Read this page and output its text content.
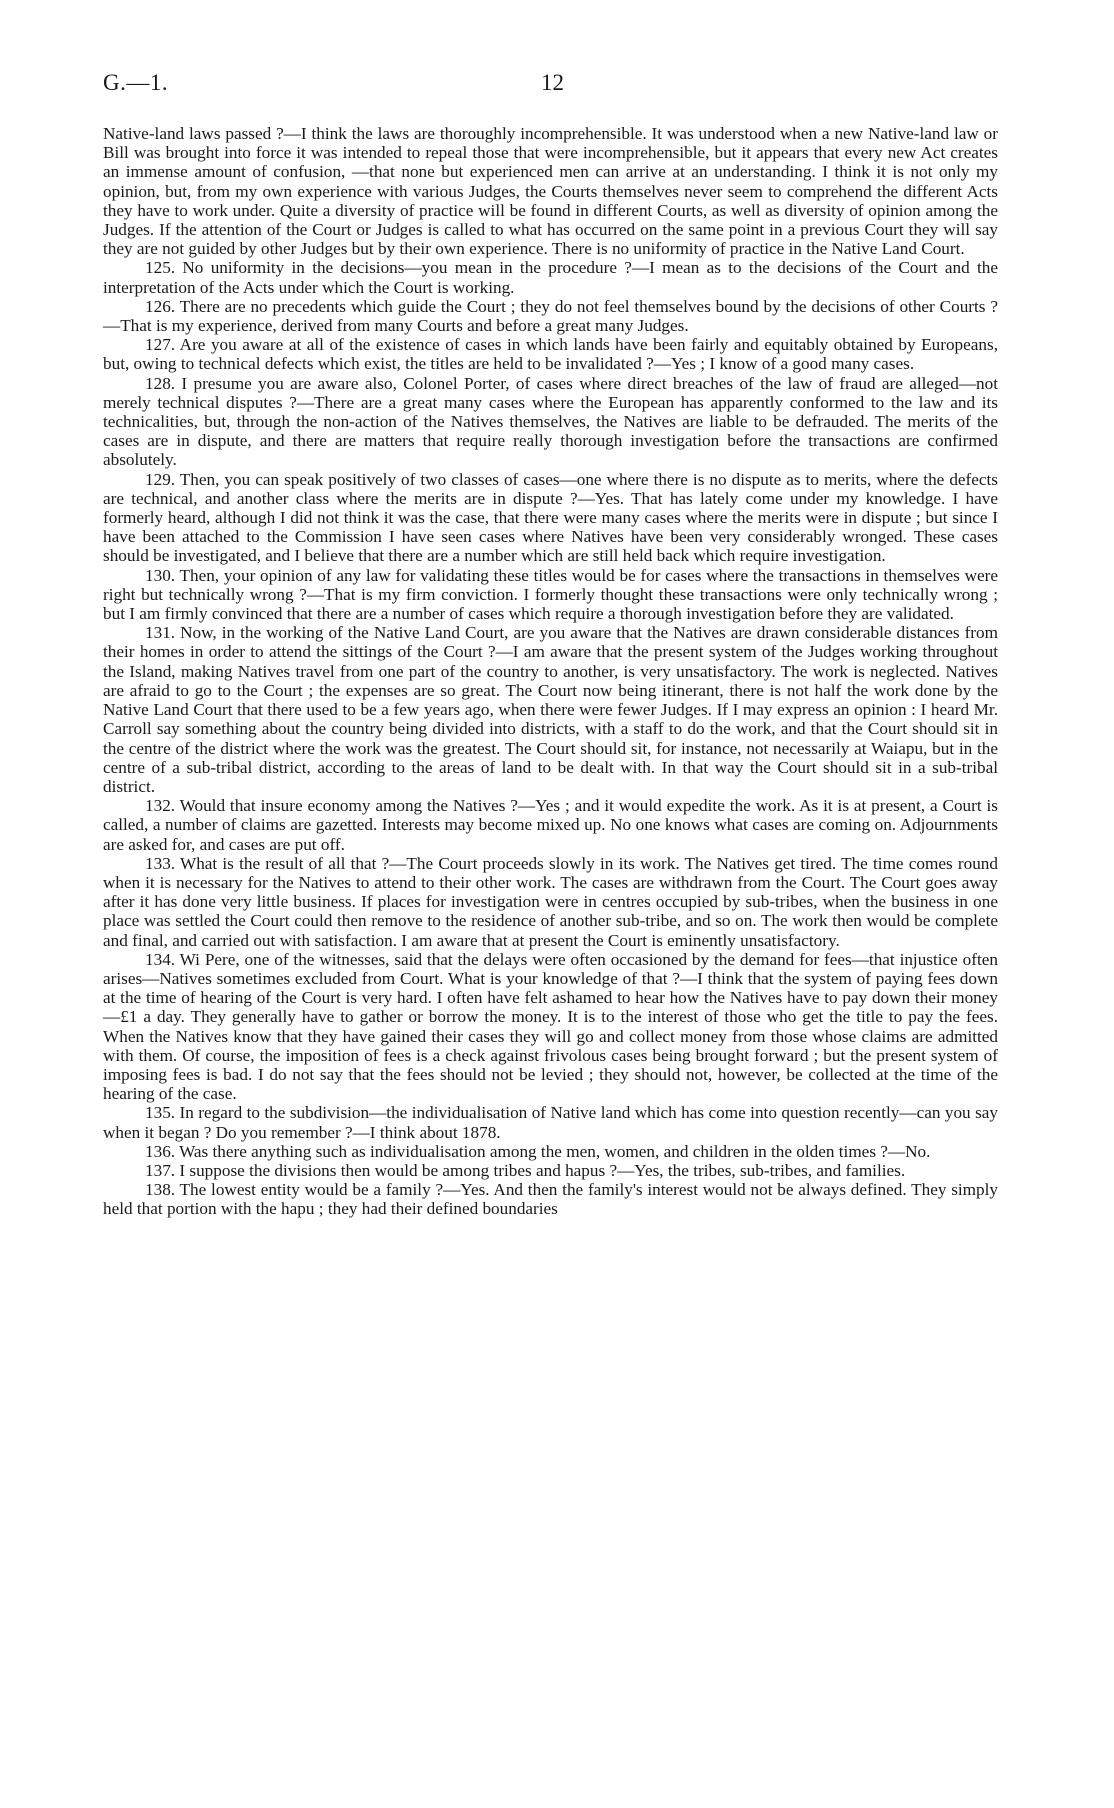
G.—1.	12

Native-land laws passed ?—I think the laws are thoroughly incomprehensible. It was understood when a new Native-land law or Bill was brought into force it was intended to repeal those that were incomprehensible, but it appears that every new Act creates an immense amount of confusion, —that none but experienced men can arrive at an understanding. I think it is not only my opinion, but, from my own experience with various Judges, the Courts themselves never seem to comprehend the different Acts they have to work under. Quite a diversity of practice will be found in different Courts, as well as diversity of opinion among the Judges. If the attention of the Court or Judges is called to what has occurred on the same point in a previous Court they will say they are not guided by other Judges but by their own experience. There is no uniformity of practice in the Native Land Court.

125. No uniformity in the decisions—you mean in the procedure ?—I mean as to the decisions of the Court and the interpretation of the Acts under which the Court is working.

126. There are no precedents which guide the Court ; they do not feel themselves bound by the decisions of other Courts ?—That is my experience, derived from many Courts and before a great many Judges.

127. Are you aware at all of the existence of cases in which lands have been fairly and equitably obtained by Europeans, but, owing to technical defects which exist, the titles are held to be invalidated ?—Yes ; I know of a good many cases.

128. I presume you are aware also, Colonel Porter, of cases where direct breaches of the law of fraud are alleged—not merely technical disputes ?—There are a great many cases where the European has apparently conformed to the law and its technicalities, but, through the non-action of the Natives themselves, the Natives are liable to be defrauded. The merits of the cases are in dispute, and there are matters that require really thorough investigation before the transactions are confirmed absolutely.

129. Then, you can speak positively of two classes of cases—one where there is no dispute as to merits, where the defects are technical, and another class where the merits are in dispute ?—Yes. That has lately come under my knowledge. I have formerly heard, although I did not think it was the case, that there were many cases where the merits were in dispute ; but since I have been attached to the Commission I have seen cases where Natives have been very considerably wronged. These cases should be investigated, and I believe that there are a number which are still held back which require investigation.

130. Then, your opinion of any law for validating these titles would be for cases where the transactions in themselves were right but technically wrong ?—That is my firm conviction. I formerly thought these transactions were only technically wrong ; but I am firmly convinced that there are a number of cases which require a thorough investigation before they are validated.

131. Now, in the working of the Native Land Court, are you aware that the Natives are drawn considerable distances from their homes in order to attend the sittings of the Court ?—I am aware that the present system of the Judges working throughout the Island, making Natives travel from one part of the country to another, is very unsatisfactory. The work is neglected. Natives are afraid to go to the Court ; the expenses are so great. The Court now being itinerant, there is not half the work done by the Native Land Court that there used to be a few years ago, when there were fewer Judges. If I may express an opinion : I heard Mr. Carroll say something about the country being divided into districts, with a staff to do the work, and that the Court should sit in the centre of the district where the work was the greatest. The Court should sit, for instance, not necessarily at Waiapu, but in the centre of a sub-tribal district, according to the areas of land to be dealt with. In that way the Court should sit in a sub-tribal district.

132. Would that insure economy among the Natives ?—Yes ; and it would expedite the work. As it is at present, a Court is called, a number of claims are gazetted. Interests may become mixed up. No one knows what cases are coming on. Adjournments are asked for, and cases are put off.

133. What is the result of all that ?—The Court proceeds slowly in its work. The Natives get tired. The time comes round when it is necessary for the Natives to attend to their other work. The cases are withdrawn from the Court. The Court goes away after it has done very little business. If places for investigation were in centres occupied by sub-tribes, when the business in one place was settled the Court could then remove to the residence of another sub-tribe, and so on. The work then would be complete and final, and carried out with satisfaction. I am aware that at present the Court is eminently unsatisfactory.

134. Wi Pere, one of the witnesses, said that the delays were often occasioned by the demand for fees—that injustice often arises—Natives sometimes excluded from Court. What is your knowledge of that ?—I think that the system of paying fees down at the time of hearing of the Court is very hard. I often have felt ashamed to hear how the Natives have to pay down their money—£1 a day. They generally have to gather or borrow the money. It is to the interest of those who get the title to pay the fees. When the Natives know that they have gained their cases they will go and collect money from those whose claims are admitted with them. Of course, the imposition of fees is a check against frivolous cases being brought forward ; but the present system of imposing fees is bad. I do not say that the fees should not be levied ; they should not, however, be collected at the time of the hearing of the case.

135. In regard to the subdivision—the individualisation of Native land which has come into question recently—can you say when it began ? Do you remember ?—I think about 1878.

136. Was there anything such as individualisation among the men, women, and children in the olden times ?—No.

137. I suppose the divisions then would be among tribes and hapus ?—Yes, the tribes, sub-tribes, and families.

138. The lowest entity would be a family ?—Yes. And then the family's interest would not be always defined. They simply held that portion with the hapu ; they had their defined boundaries
